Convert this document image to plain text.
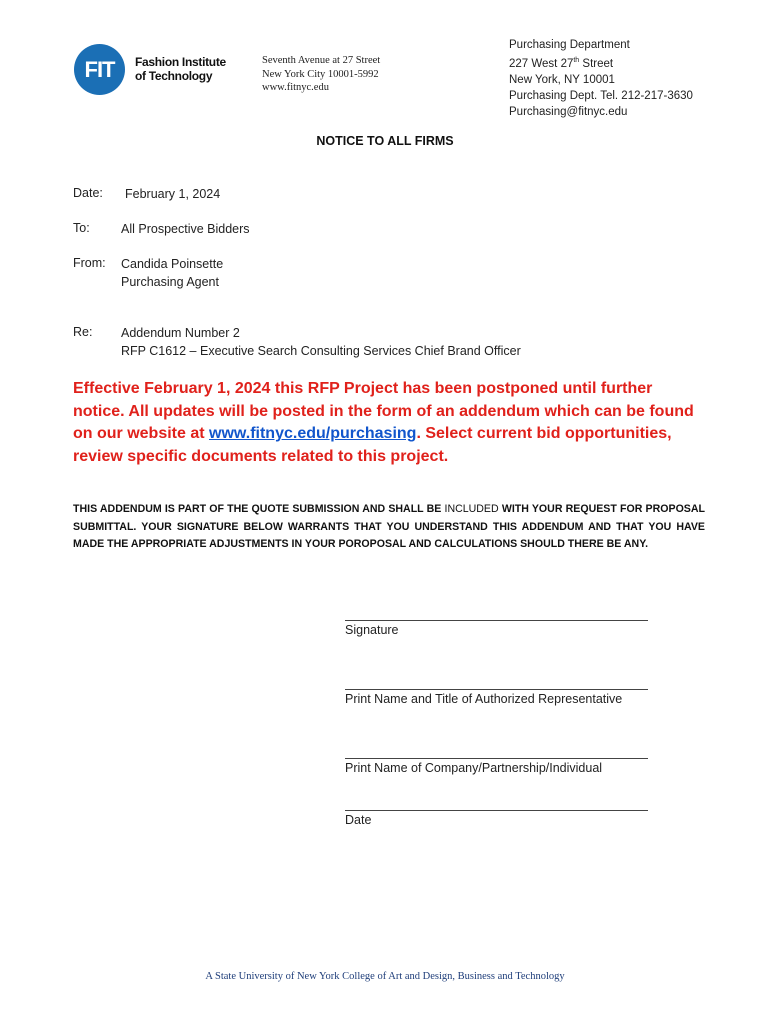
FIT Fashion Institute
of Technology
Seventh Avenue at 27 Street
New York City 10001-5992
www.fitnyc.edu
Purchasing Department
227 West 27th Street
New York, NY 10001
Purchasing Dept. Tel. 212-217-3630
Purchasing@fitnyc.edu
NOTICE TO ALL FIRMS
Date: February 1, 2024
To:	All Prospective Bidders
From: Candida Poinsette
Purchasing Agent
Re: Addendum Number 2
RFP C1612 – Executive Search Consulting Services Chief Brand Officer
Effective February 1, 2024 this RFP Project has been postponed until further notice. All updates will be posted in the form of an addendum which can be found on our website at www.fitnyc.edu/purchasing. Select current bid opportunities, review specific documents related to this project.
THIS ADDENDUM IS PART OF THE QUOTE SUBMISSION AND SHALL BE INCLUDED WITH YOUR REQUEST FOR PROPOSAL SUBMITTAL. YOUR SIGNATURE BELOW WARRANTS THAT YOU UNDERSTAND THIS ADDENDUM AND THAT YOU HAVE MADE THE APPROPRIATE ADJUSTMENTS IN YOUR POROPOSAL AND CALCULATIONS SHOULD THERE BE ANY.
Signature
Print Name and Title of Authorized Representative
Print Name of Company/Partnership/Individual
Date
A State University of New York College of Art and Design, Business and Technology
